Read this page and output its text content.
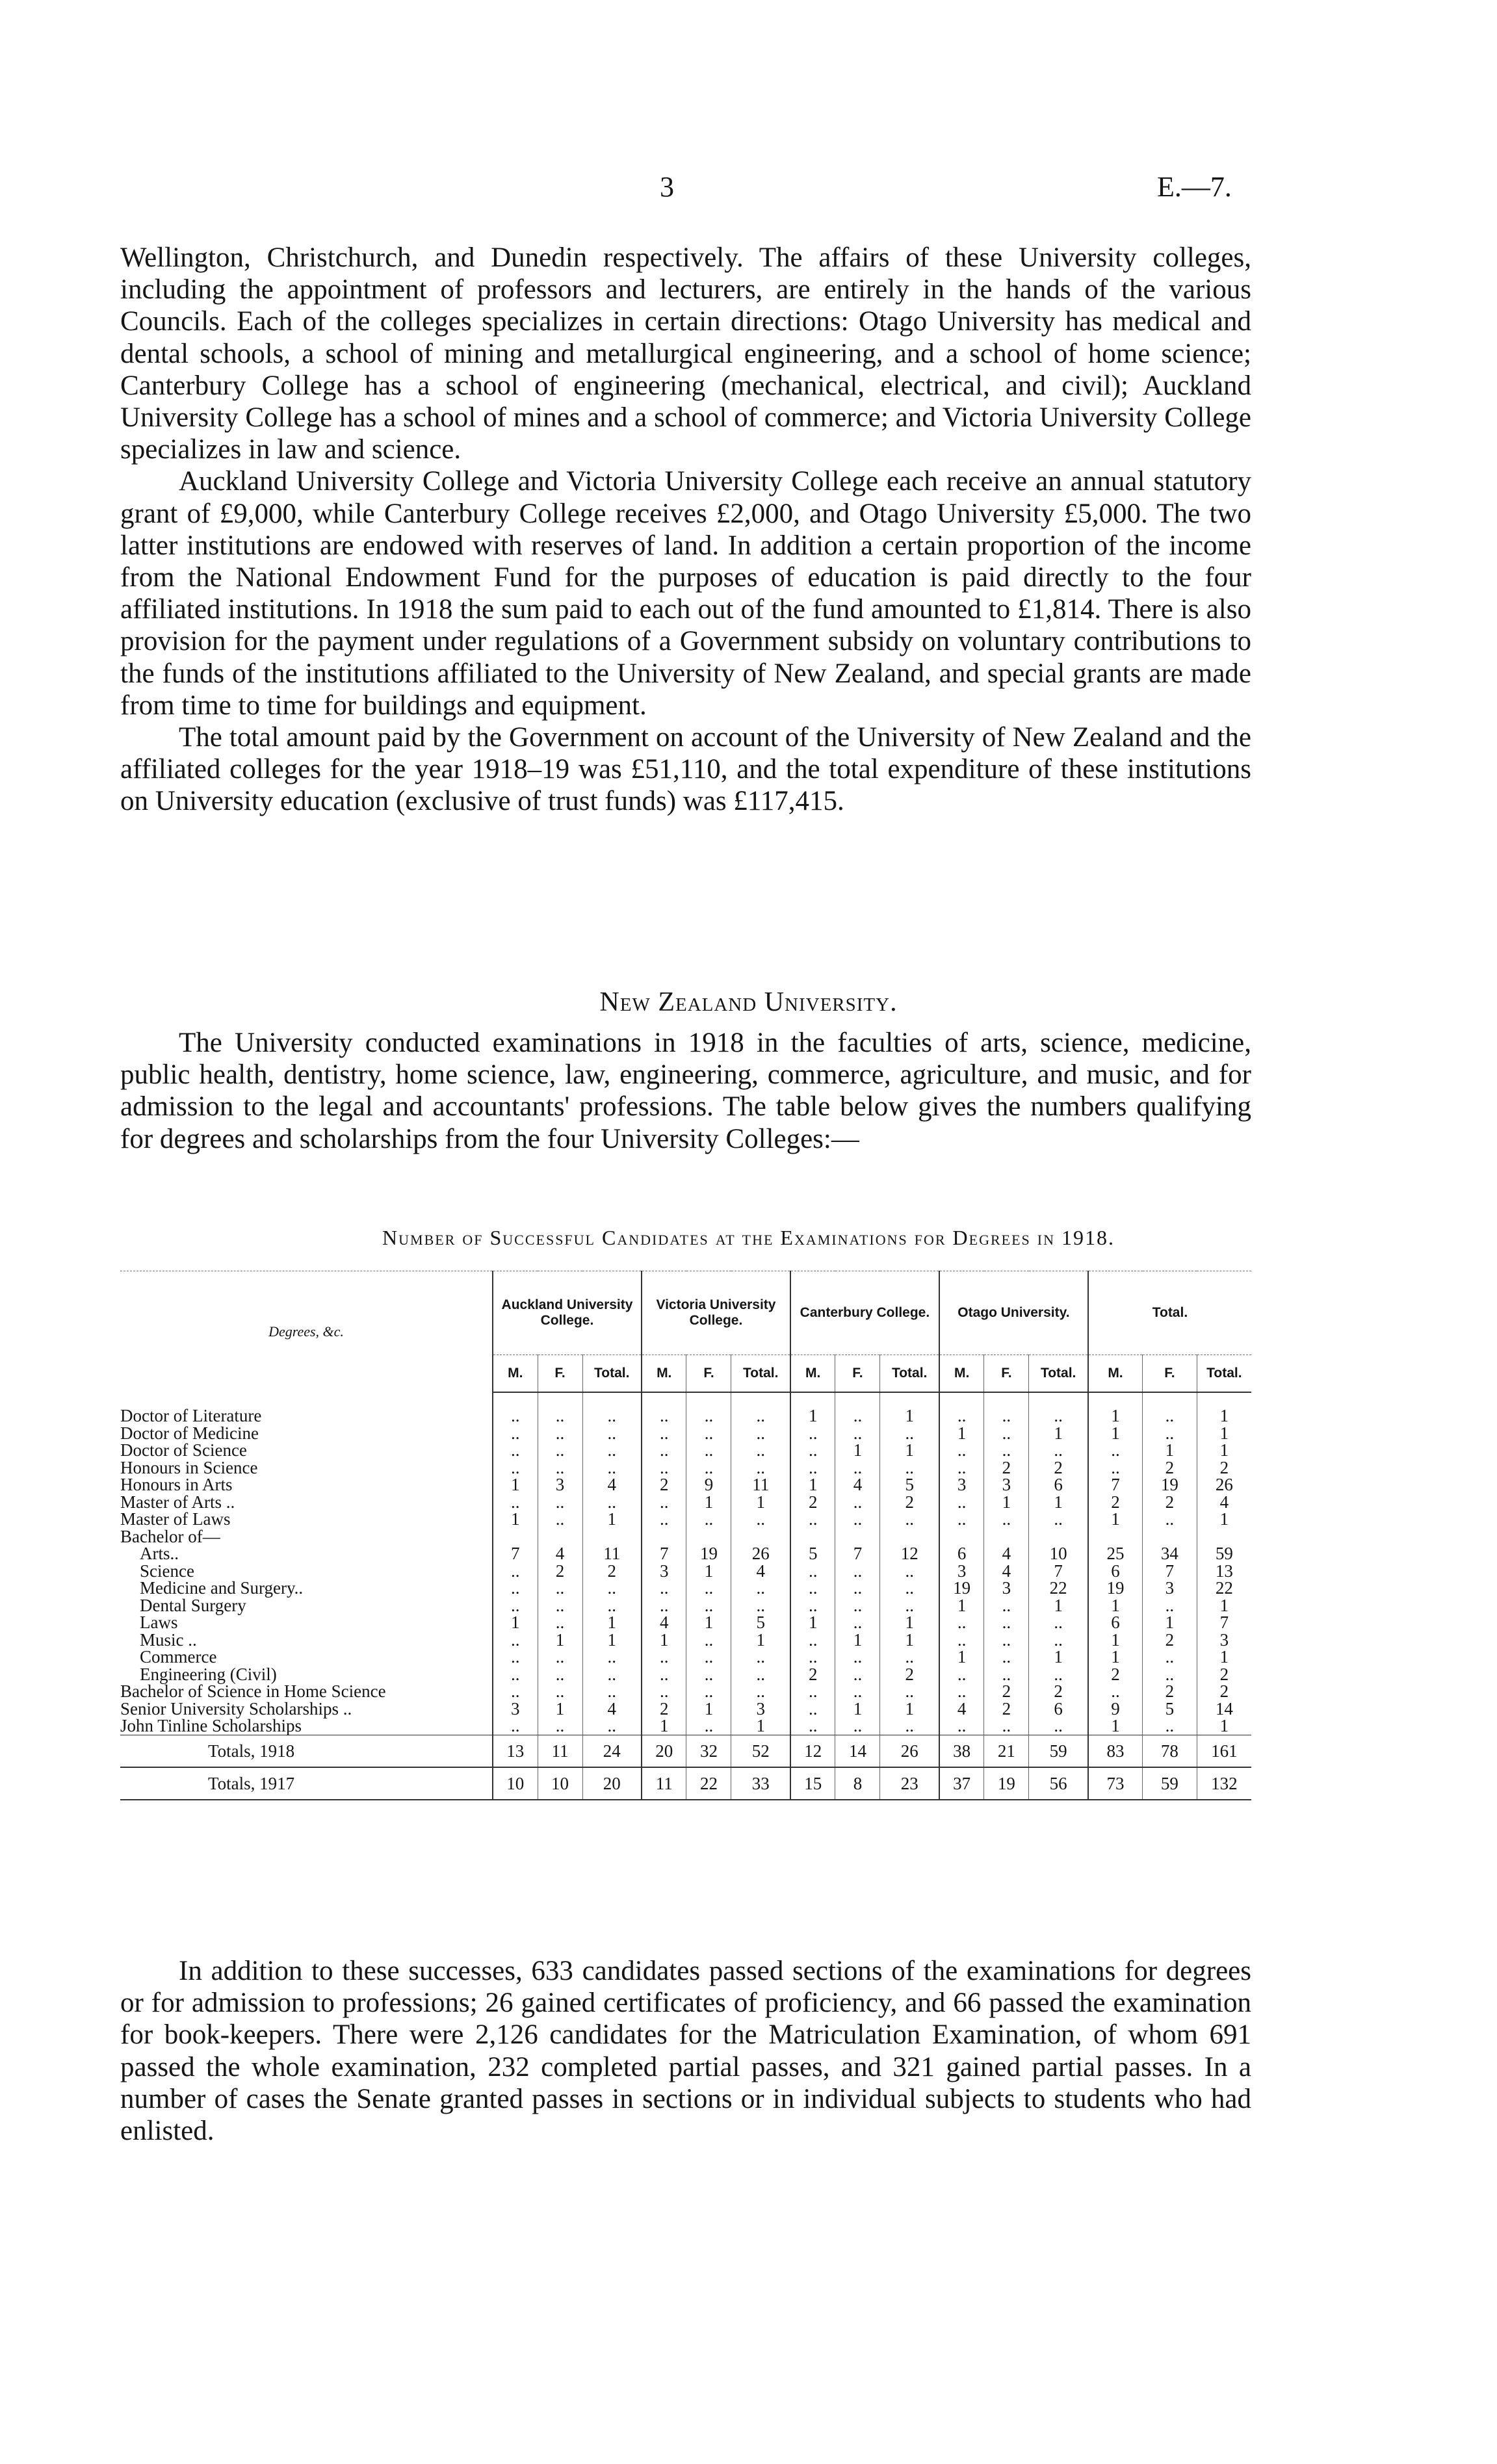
3	E.—7.

Wellington, Christchurch, and Dunedin respectively. The affairs of these University colleges, including the appointment of professors and lecturers, are entirely in the hands of the various Councils. Each of the colleges specializes in certain directions: Otago University has medical and dental schools, a school of mining and metallurgical engineering, and a school of home science; Canterbury College has a school of engineering (mechanical, electrical, and civil); Auckland University College has a school of mines and a school of commerce; and Victoria University College specializes in law and science.

Auckland University College and Victoria University College each receive an annual statutory grant of £9,000, while Canterbury College receives £2,000, and Otago University £5,000. The two latter institutions are endowed with reserves of land. In addition a certain proportion of the income from the National Endowment Fund for the purposes of education is paid directly to the four affiliated institutions. In 1918 the sum paid to each out of the fund amounted to £1,814. There is also provision for the payment under regulations of a Government subsidy on voluntary contributions to the funds of the institutions affiliated to the University of New Zealand, and special grants are made from time to time for buildings and equipment.

The total amount paid by the Government on account of the University of New Zealand and the affiliated colleges for the year 1918–19 was £51,110, and the total expenditure of these institutions on University education (exclusive of trust funds) was £117,415.

New Zealand University.

The University conducted examinations in 1918 in the faculties of arts, science, medicine, public health, dentistry, home science, law, engineering, commerce, agriculture, and music, and for admission to the legal and accountants' professions. The table below gives the numbers qualifying for degrees and scholarships from the four University Colleges:—

Number of Successful Candidates at the Examinations for Degrees in 1918.
Degrees, &c.	Auckland University College.			Victoria University College.			Canterbury College.			Otago University.			Total.		
	M.	F.	Total.	M.	F.	Total.	M.	F.	Total.	M.	F.	Total.	M.	F.	Total.

Doctor of Literature	..	..	..	..	..	..	1	..	1	..	..	..	1	..	1
Doctor of Medicine	..	..	..	..	..	..	..	..	..	1	..	1	1	..	1
Doctor of Science	..	..	..	..	..	..	..	1	1	..	..	..	..	1	1
Honours in Science	..	..	..	..	..	..	..	..	..	..	2	2	..	2	2
Honours in Arts	1	3	4	2	9	11	1	4	5	3	3	6	7	19	26
Master of Arts ..	..	..	..	..	1	1	2	..	2	..	1	1	2	2	4
Master of Laws	1	..	1	..	..	..	..	..	..	..	..	..	1	..	1
Bachelor of—															
Arts..	7	4	11	7	19	26	5	7	12	6	4	10	25	34	59
Science	..	2	2	3	1	4	..	..	..	3	4	7	6	7	13
Medicine and Surgery..	..	..	..	..	..	..	..	..	..	19	3	22	19	3	22
Dental Surgery	..	..	..	..	..	..	..	..	..	1	..	1	1	..	1
Laws	1	..	1	4	1	5	1	..	1	..	..	..	6	1	7
Music ..	..	1	1	1	..	1	..	1	1	..	..	..	1	2	3
Commerce	..	..	..	..	..	..	..	..	..	1	..	1	1	..	1
Engineering (Civil)	..	..	..	..	..	..	2	..	2	..	..	..	2	..	2
Bachelor of Science in Home Science	..	..	..	..	..	..	..	..	..	..	2	2	..	2	2
Senior University Scholarships ..	3	1	4	2	1	3	..	1	1	4	2	6	9	5	14
John Tinline Scholarships	..	..	..	1	..	1	..	..	..	..	..	..	1	..	1
Totals, 1918	13	11	24	20	32	52	12	14	26	38	21	59	83	78	161
Totals, 1917	10	10	20	11	22	33	15	8	23	37	19	56	73	59	132

In addition to these successes, 633 candidates passed sections of the examinations for degrees or for admission to professions; 26 gained certificates of proficiency, and 66 passed the examination for book-keepers. There were 2,126 candidates for the Matriculation Examination, of whom 691 passed the whole examination, 232 completed partial passes, and 321 gained partial passes. In a number of cases the Senate granted passes in sections or in individual subjects to students who had enlisted.
